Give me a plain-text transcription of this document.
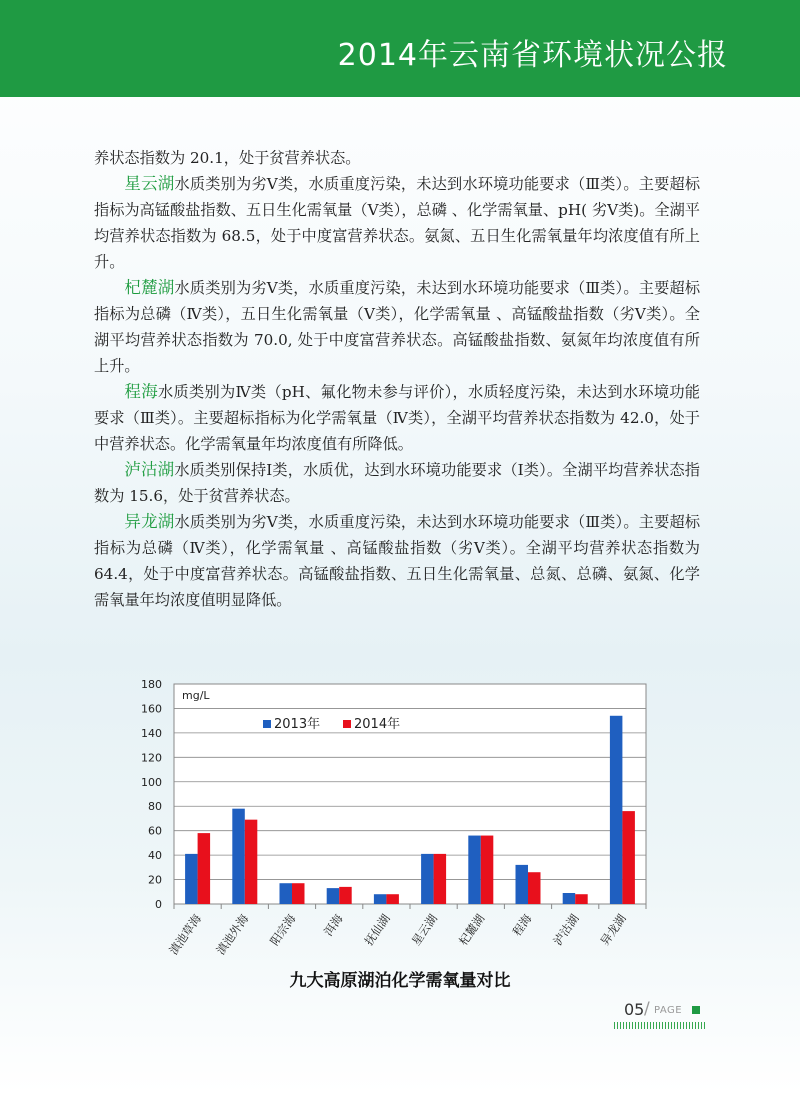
2014年云南省环境状况公报

养状态指数为 20.1，处于贫营养状态。

星云湖水质类别为劣Ⅴ类，水质重度污染，未达到水环境功能要求（Ⅲ类）。主要超标指标为高锰酸盐指数、五日生化需氧量（Ⅴ类），总磷 、化学需氧量、pH( 劣Ⅴ类)。全湖平均营养状态指数为 68.5，处于中度富营养状态。氨氮、五日生化需氧量年均浓度值有所上升。

杞麓湖水质类别为劣Ⅴ类，水质重度污染，未达到水环境功能要求（Ⅲ类）。主要超标指标为总磷（Ⅳ类），五日生化需氧量（Ⅴ类），化学需氧量 、高锰酸盐指数（劣Ⅴ类）。全湖平均营养状态指数为 70.0, 处于中度富营养状态。高锰酸盐指数、氨氮年均浓度值有所上升。

程海水质类别为Ⅳ类（pH、氟化物未参与评价），水质轻度污染，未达到水环境功能要求（Ⅲ类）。主要超标指标为化学需氧量（Ⅳ类），全湖平均营养状态指数为 42.0，处于中营养状态。化学需氧量年均浓度值有所降低。

泸沽湖水质类别保持Ⅰ类，水质优，达到水环境功能要求（Ⅰ类）。全湖平均营养状态指数为 15.6，处于贫营养状态。

异龙湖水质类别为劣Ⅴ类，水质重度污染，未达到水环境功能要求（Ⅲ类）。主要超标指标为总磷（Ⅳ类），化学需氧量 、高锰酸盐指数（劣Ⅴ类）。全湖平均营养状态指数为 64.4，处于中度富营养状态。高锰酸盐指数、五日生化需氧量、总氮、总磷、氨氮、化学需氧量年均浓度值明显降低。

0
20
40
60
80
100
120
140
160
180
mg/L
滇池草海 滇池外海 阳宗海 洱海 抚仙湖 星云湖 杞麓湖 程海 泸沽湖 异龙湖
2013年	2014年
九大高原湖泊化学需氧量对比
05 / PAGE
